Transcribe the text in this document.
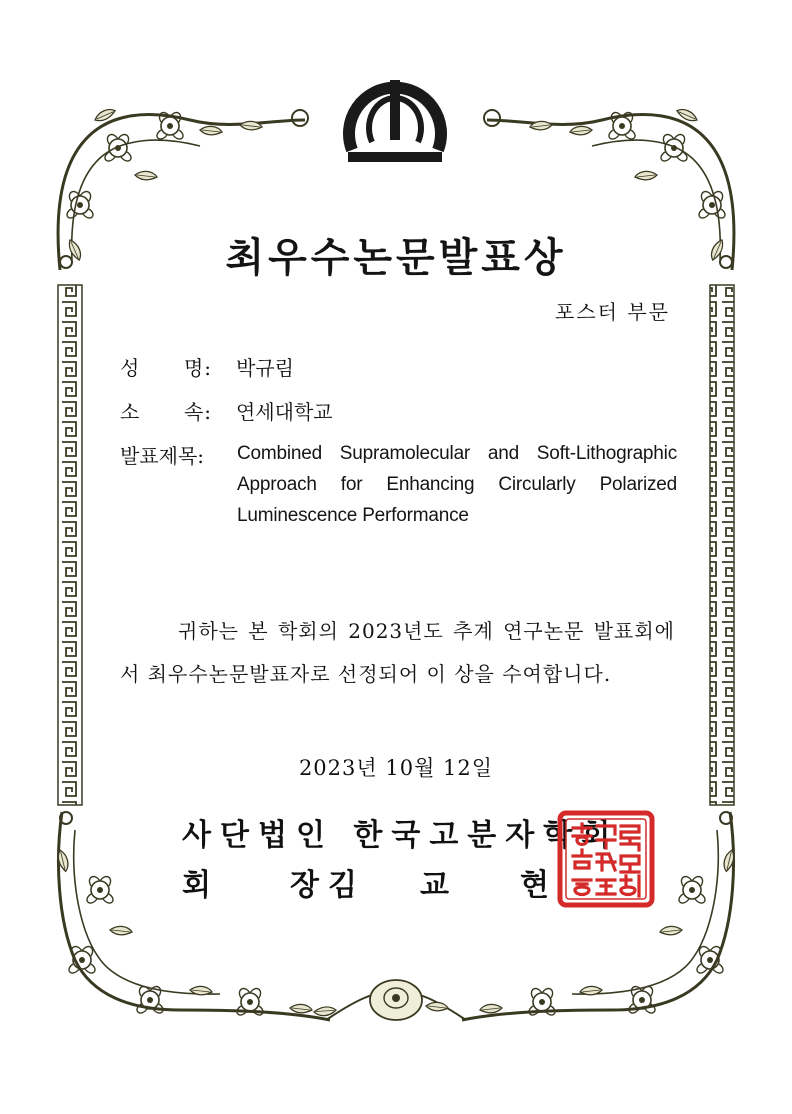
최우수논문발표상
포스터 부문
성 명: 박규림
소 속: 연세대학교
발표제목: Combined Supramolecular and Soft-Lithographic Approach for Enhancing Circularly Polarized Luminescence Performance
귀하는 본 학회의 2023년도 추계 연구논문 발표회에서 최우수논문발표자로 선정되어 이 상을 수여합니다.
2023년 10월 12일
사단법인 한국고분자학회
회	장 김 교 현
